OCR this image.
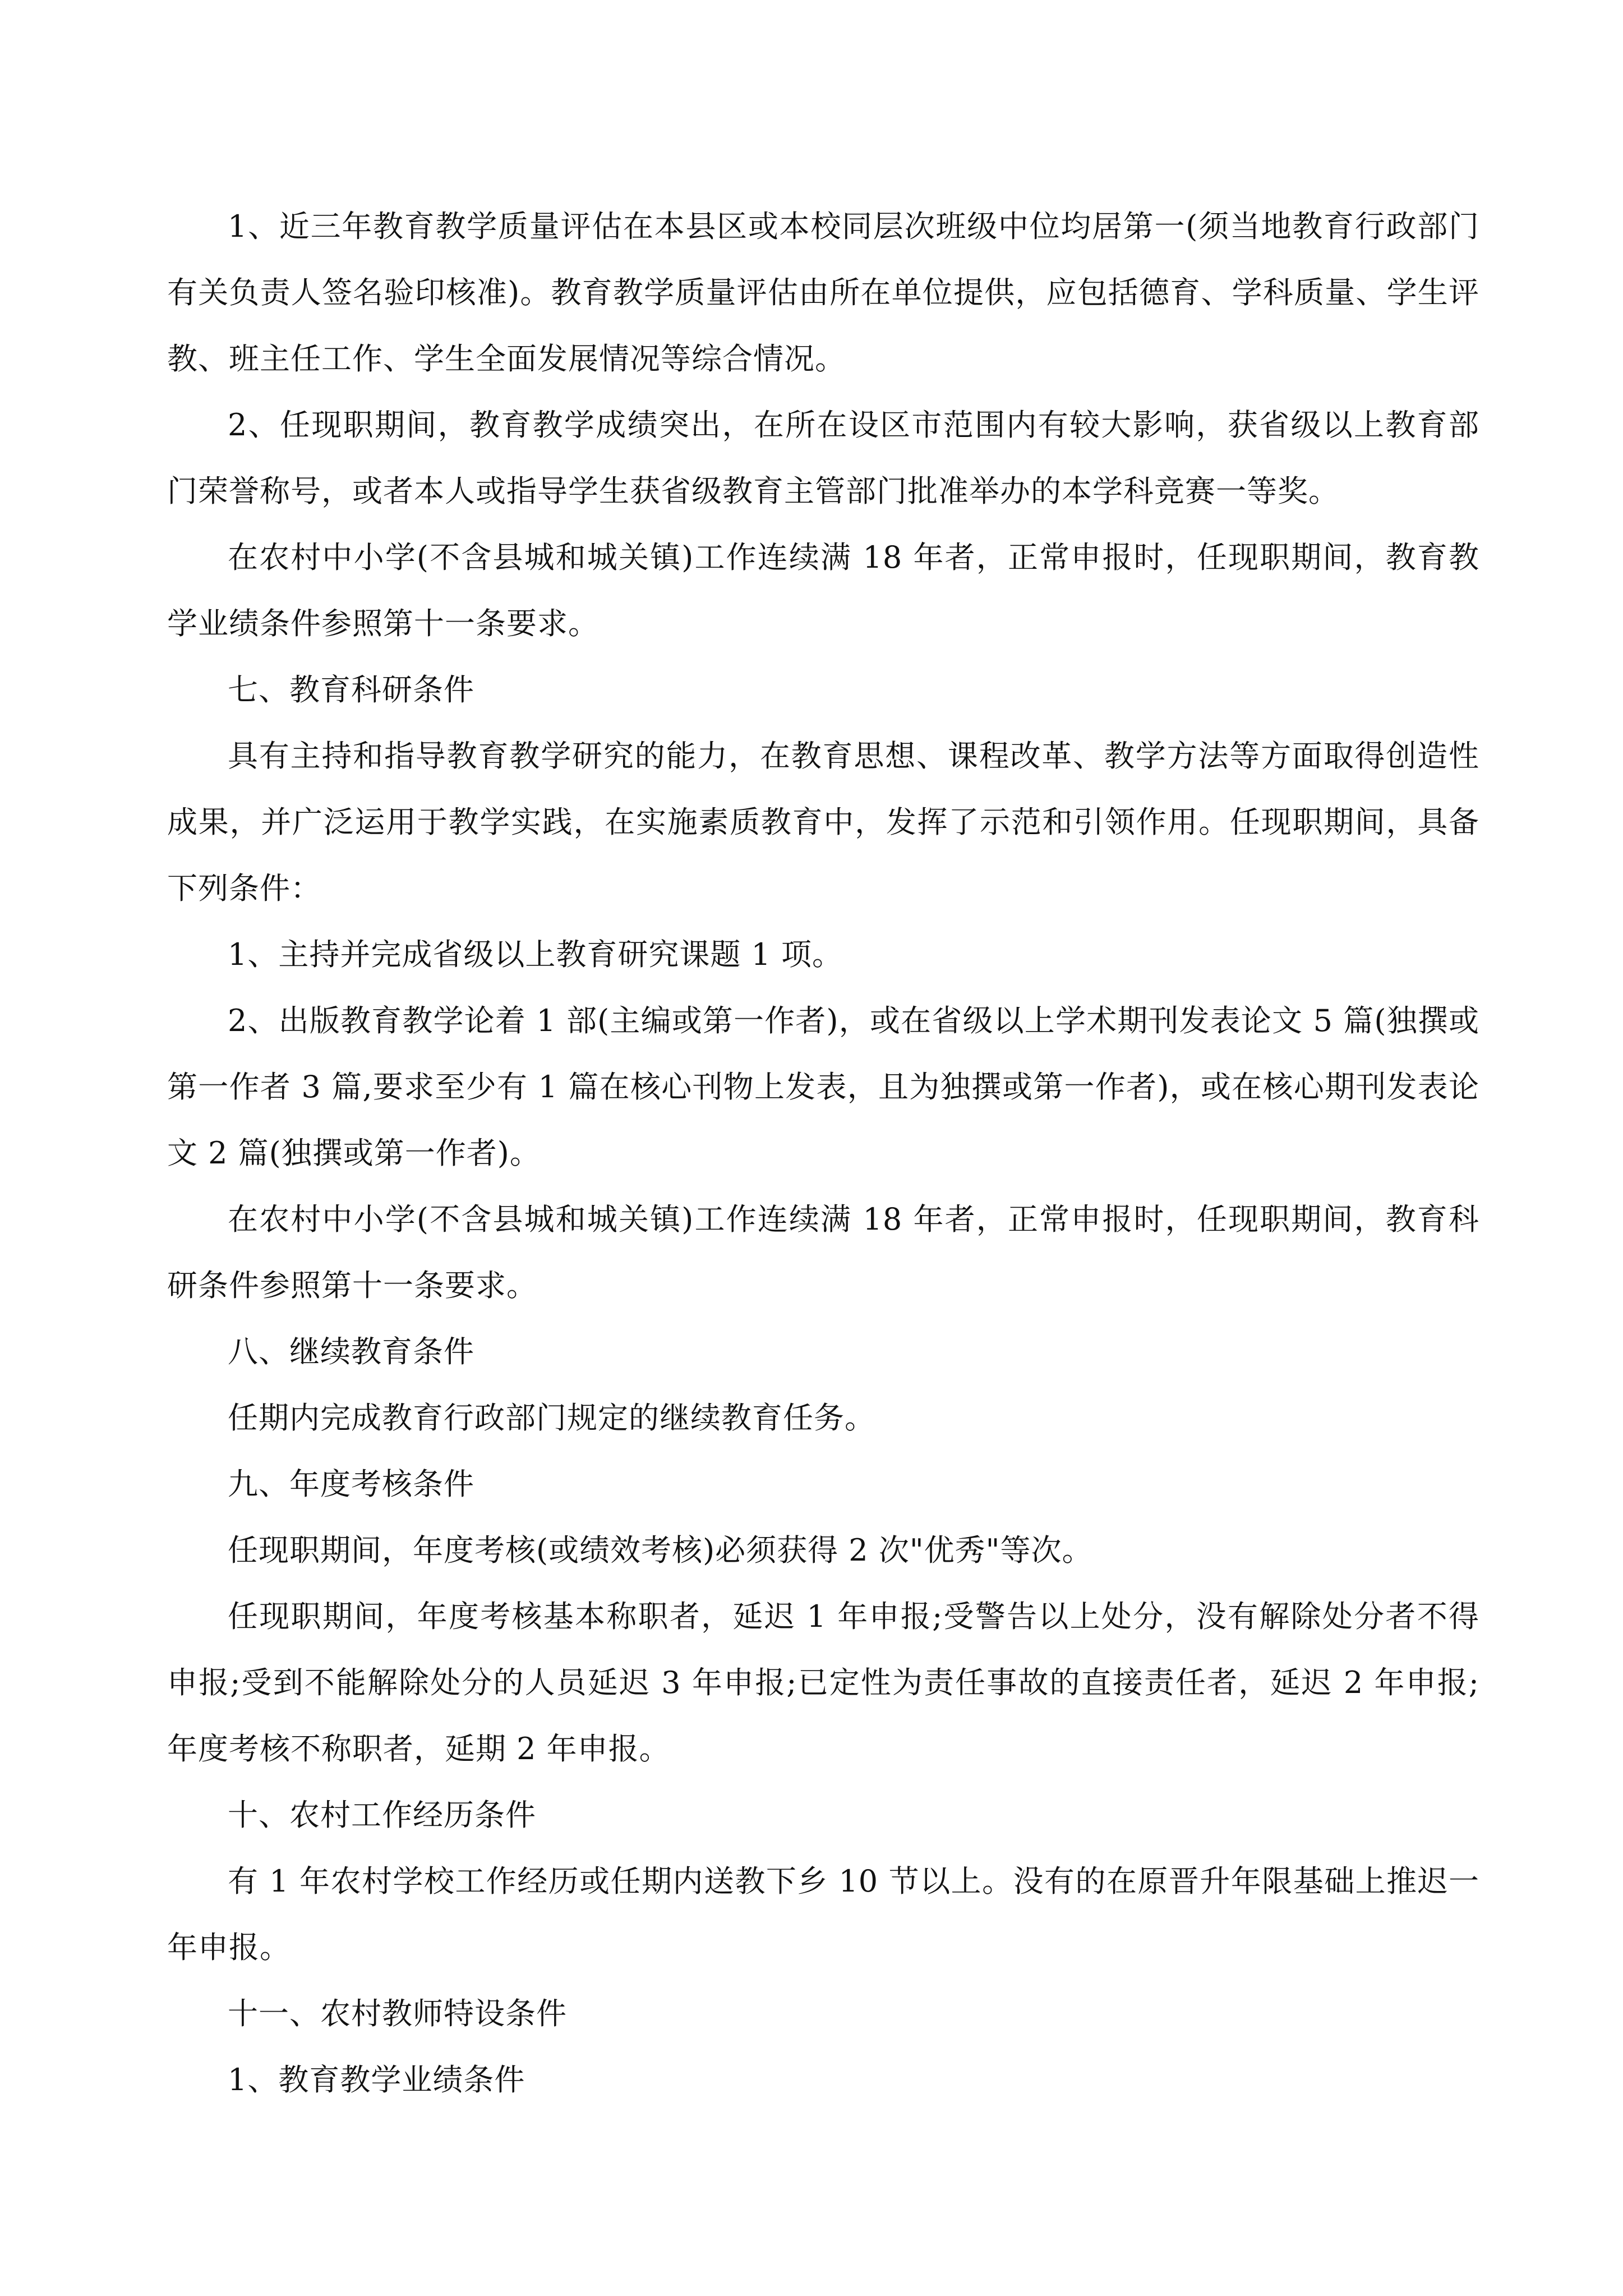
1、近三年教育教学质量评估在本县区或本校同层次班级中位均居第一(须当地教育行政部门有关负责人签名验印核准)。教育教学质量评估由所在单位提供，应包括德育、学科质量、学生评教、班主任工作、学生全面发展情况等综合情况。

2、任现职期间，教育教学成绩突出，在所在设区市范围内有较大影响，获省级以上教育部门荣誉称号，或者本人或指导学生获省级教育主管部门批准举办的本学科竞赛一等奖。

在农村中小学(不含县城和城关镇)工作连续满 18 年者，正常申报时，任现职期间，教育教学业绩条件参照第十一条要求。

七、教育科研条件

具有主持和指导教育教学研究的能力，在教育思想、课程改革、教学方法等方面取得创造性成果，并广泛运用于教学实践，在实施素质教育中，发挥了示范和引领作用。任现职期间，具备下列条件：

1、主持并完成省级以上教育研究课题 1 项。

2、出版教育教学论着 1 部(主编或第一作者)，或在省级以上学术期刊发表论文 5 篇(独撰或第一作者 3 篇,要求至少有 1 篇在核心刊物上发表，且为独撰或第一作者)，或在核心期刊发表论文 2 篇(独撰或第一作者)。

在农村中小学(不含县城和城关镇)工作连续满 18 年者，正常申报时，任现职期间，教育科研条件参照第十一条要求。

八、继续教育条件

任期内完成教育行政部门规定的继续教育任务。

九、年度考核条件

任现职期间，年度考核(或绩效考核)必须获得 2 次"优秀"等次。

任现职期间，年度考核基本称职者，延迟 1 年申报;受警告以上处分，没有解除处分者不得申报;受到不能解除处分的人员延迟 3 年申报;已定性为责任事故的直接责任者，延迟 2 年申报;年度考核不称职者，延期 2 年申报。

十、农村工作经历条件

有 1 年农村学校工作经历或任期内送教下乡 10 节以上。没有的在原晋升年限基础上推迟一年申报。

十一、农村教师特设条件

1、教育教学业绩条件
